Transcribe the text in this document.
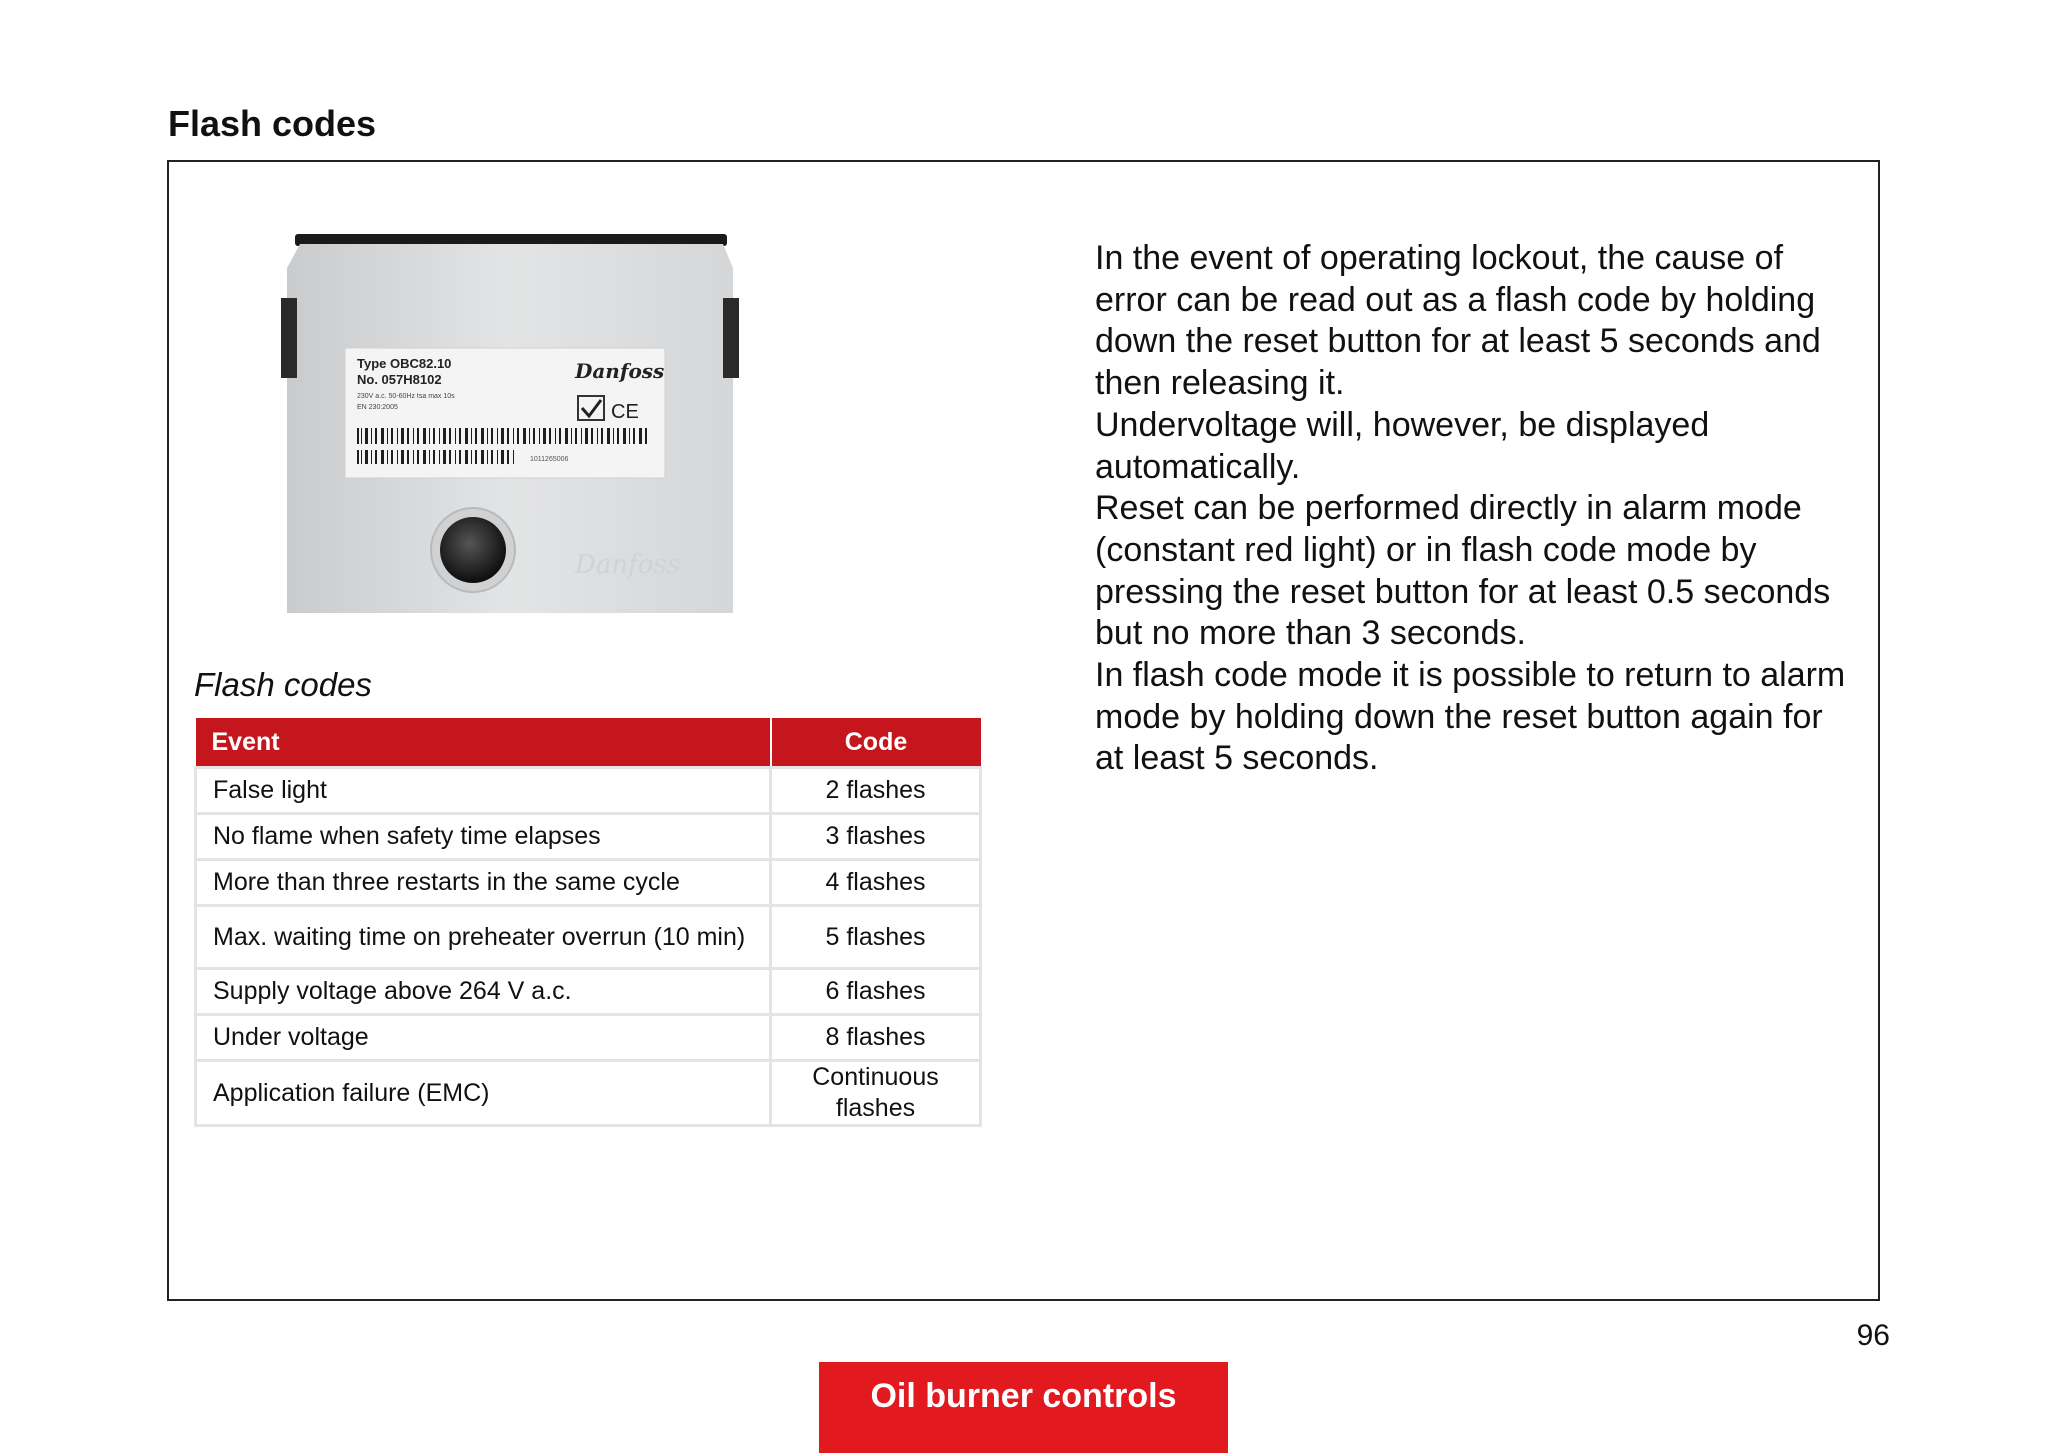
Flash codes
Type OBC82.10
No. 057H8102
230V a.c. 50-60Hz tsa max 10s
EN 230:2005
Danfoss
CE
1011265006
Danfoss

Flash codes

Event	Code
False light	2 flashes
No flame when safety time elapses	3 flashes
More than three restarts in the same cycle	4 flashes
Max. waiting time on preheater overrun (10 min)	5 flashes
Supply voltage above 264 V a.c.	6 flashes
Under voltage	8 flashes
Application failure (EMC)	Continuous flashes

In the event of operating lockout, the cause of error can be read out as a flash code by holding down the reset button for at least 5 seconds and then releasing it.

Undervoltage will, however, be displayed automatically.

Reset can be performed directly in alarm mode (constant red light) or in flash code mode by pressing the reset button for at least 0.5 seconds but no more than 3 seconds.

In flash code mode it is possible to return to alarm mode by holding down the reset button again for at least 5 seconds.

96
Oil burner controls
